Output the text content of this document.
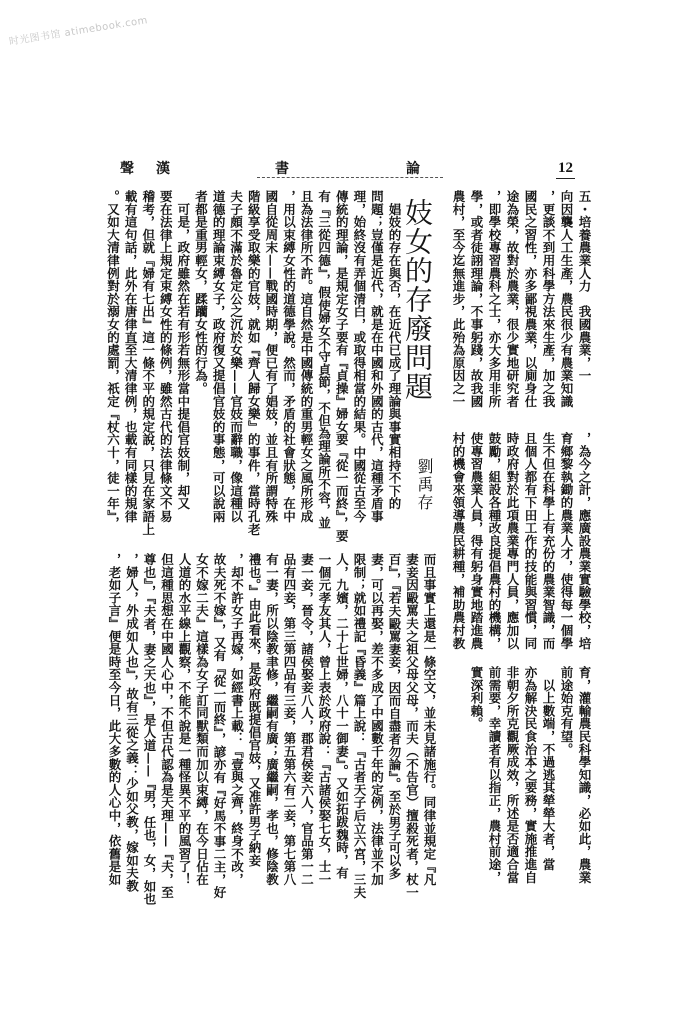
时光图书馆 atimebook.com
聲 漢	書	論	12
妓女的存廢問題
劉禹存
五・培養農業人力　我國農業，一
向因襲人工生產，農民很少有農業知識
，更談不到用科學方法來生產，加之我
國民之習性，亦多鄙視農業，以廁身仕
途為榮，故對於農業，很少實地研究者
，即學校專習農科之士，亦大多用非所
學，或者徒詡理論，不事躬踐，故我國
農村，至今迄無進步，此殆為原因之一
，為今之計，應廣設農業實驗學校，培
育鄉黎執鋤的農業人才，使得每一個學
生不但在科學上有充份的農業智識，而
且個人都有下田工作的技能與習慣，同
時政府對於此項農業專門人員，應加以
鼓勵，組設各種改良提倡農村的機構，
使專習農業人員，得有躬身實地踏進農
村的機會來領導農民耕種，補助農村教
育，灌輸農民科學知識，必如此，農業
前途始克有望。
　以上數端，不過逃其犖犖大者，當
亦為解決民食治本之要務，實施推進自
非朝夕所克觀厥成效，所述是否適合當
前需要，幸讀者有以指正，農村前途，
實深利賴。
　娼妓的存在與否，在近代已成了理論與事實相持不下的
問題；豈僅是近代，就是在中國和外國的古代，這種矛盾事
理，始終沒有弄個清白，或取得相當的結果。中國從古至今
傳統的理論，是規定女子要有『貞操』婦女要『從一而終』，要
有『三從四德』，假使婦女不守貞節，不但為理論所不容，並
且為法律所不許。這自然是中國傳統的重男輕女之風所形成
，用以束縛女性的道德學說。然而，矛盾的社會狀態，在中
國自從周末——戰國時期，便已有了娼妓，並且有所謂特殊
階級享受取樂的官妓，就如『齊人歸女樂』的事件，當時孔老
夫子頗不滿於魯定公之沉於女樂——官妓而辭職，像這種以
道德的理論束縛女子，政府復又提倡官妓的事態，可以說兩
者都是重男輕女，蹂躪女性的行為。
　可是，政府雖然在若有形若無形當中提倡官妓制，却又
要在法律上規定束縛女性的條例，雖然古代的法律條文不易
稽考，但就『婦有七出』這一條不平的規定說，只見在家語上
載有這句話，此外在唐律直至大清律例，也載有同樣的規律
。又如大清律例對於溺女的處罰，祇定『杖六十，徒一年』，
而且事實上還是一條空文，並未見諸施行。同律並規定『凡
妻妾因毆罵夫之祖父母父母，而夫（不告官）擅殺死者，杖一
百』，『若夫毆罵妻妾，因而自盡者勿論』。至於男子可以多
妻，可以再娶，差不多成了中國數千年的定例，法律並不加
限制；就如禮記『昏義』篇上說：『古者天子后立六宮，三夫
人，九嬪，二十七世婦，八十一御妻』。又如拓跋魏時，有
一個元孝友其人，曾上表於政府說：『古諸侯娶七女，士一
妻一妾，晉令，諸侯娶妾八人，郡君侯妾六人，官品第一二
品有四妾，第三第四品有三妾，第五第六有二妾，第七第八
有一妻，所以陰教聿修，繼嗣有廣；廣繼嗣，孝也，修陰教
禮也。』由此看來，是政府既提倡官妓，又准許男子納妾
，却不許女子再嫁，如經書上載：『壹與之齊，終身不改，
故夫死不嫁』，又有『從一而終』，諺亦有『好馬不事二主，好
女不嫁二夫』這樣為女子訂同獸類而加以束縛，在今日佔在
人道的水平線上觀察，不能不說是一種怪異不平的風習了！
但這種思想在中國人心中，不但古代認為是天理——『夫，至
尊也』，『夫者，妻之天也』，是人道——『男，任也，女，如也
，婦人，外成如人也』，故有三從之義：少如父教，嫁如夫教
，老如子言』便是時至今日，此大多數的人心中，依舊是如
